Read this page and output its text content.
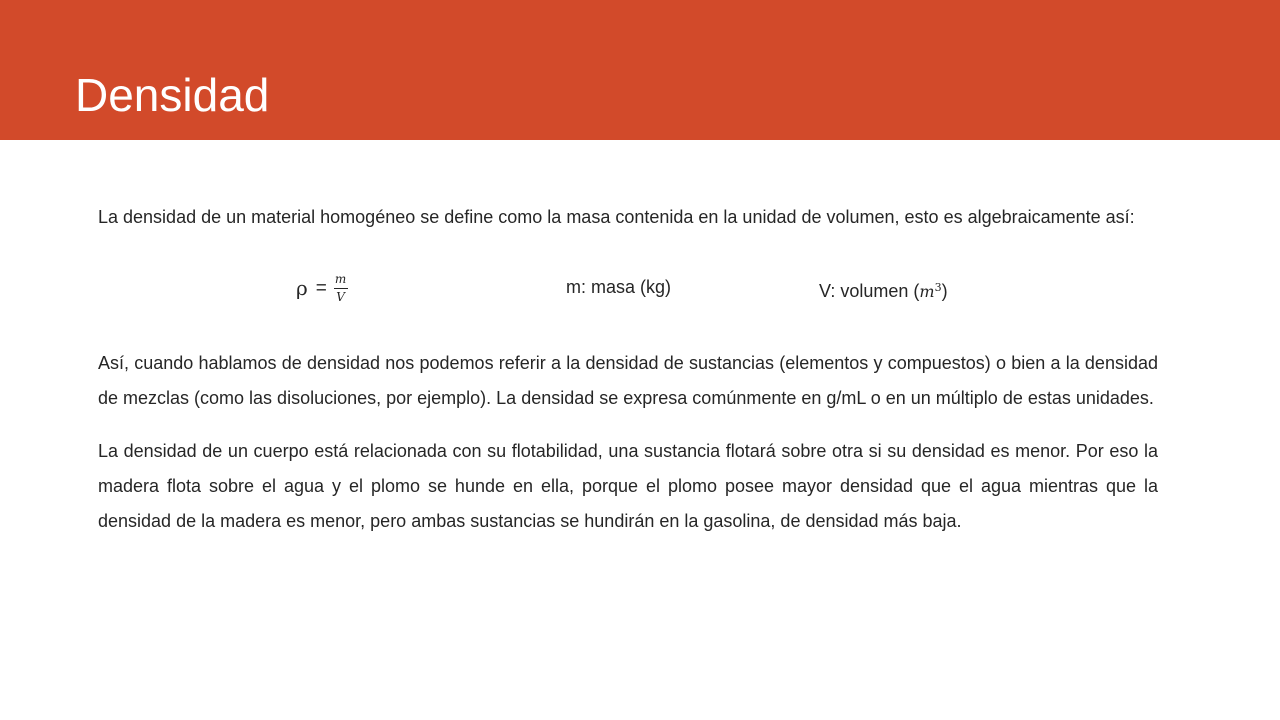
Densidad

La densidad de un material homogéneo se define como la masa contenida en la unidad de volumen, esto es algebraicamente así:

$\rho = \frac{m}{V}$	m: masa (kg)	V: volumen $(m^3)$

Así, cuando hablamos de densidad nos podemos referir a la densidad de sustancias (elementos y compuestos) o bien a la densidad de mezclas (como las disoluciones, por ejemplo). La densidad se expresa comúnmente en g/mL o en un múltiplo de estas unidades.

La densidad de un cuerpo está relacionada con su flotabilidad, una sustancia flotará sobre otra si su densidad es menor. Por eso la madera flota sobre el agua y el plomo se hunde en ella, porque el plomo posee mayor densidad que el agua mientras que la densidad de la madera es menor, pero ambas sustancias se hundirán en la gasolina, de densidad más baja.
